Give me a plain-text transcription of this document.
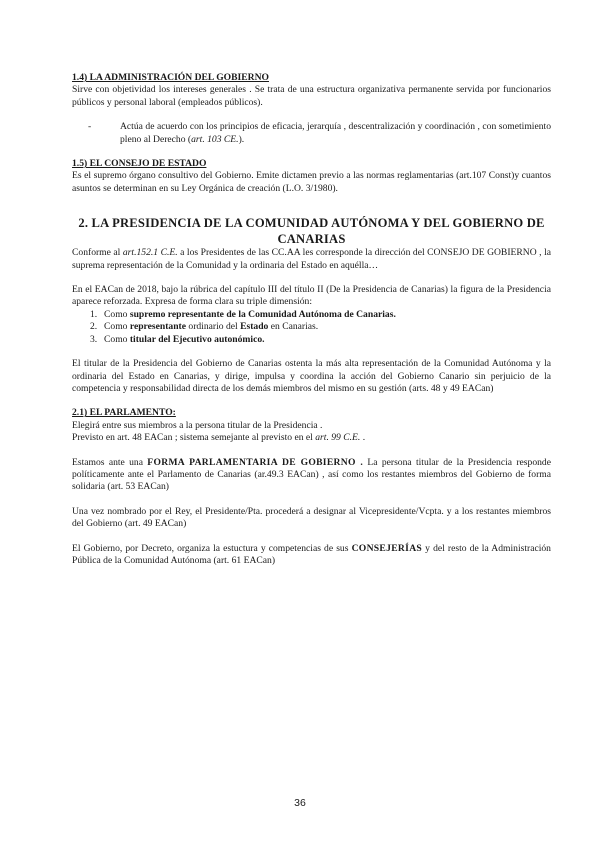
1.4) LA ADMINISTRACIÓN DEL GOBIERNO

Sirve con objetividad los intereses generales . Se trata de una estructura organizativa permanente servida por funcionarios públicos y personal laboral (empleados públicos).

-	Actúa de acuerdo con los principios de eficacia, jerarquía , descentralización y coordinación , con sometimiento pleno al Derecho (art. 103 CE.).

1.5) EL CONSEJO DE ESTADO

Es el supremo órgano consultivo del Gobierno. Emite dictamen previo a las normas reglamentarias (art.107 Const)y cuantos asuntos se determinan en su Ley Orgánica de creación (L.O. 3/1980).

2. LA PRESIDENCIA DE LA COMUNIDAD AUTÓNOMA Y DEL GOBIERNO DE
CANARIAS

Conforme al art.152.1 C.E. a los Presidentes de las CC.AA les corresponde la dirección del CONSEJO DE GOBIERNO , la suprema representación de la Comunidad y la ordinaria del Estado en aquélla…

En el EACan de 2018, bajo la rúbrica del capítulo III del título II (De la Presidencia de Canarias) la figura de la Presidencia aparece reforzada. Expresa de forma clara su triple dimensión:

1. Como supremo representante de la Comunidad Autónoma de Canarias.
2. Como representante ordinario del Estado en Canarias.
3. Como titular del Ejecutivo autonómico.

El titular de la Presidencia del Gobierno de Canarias ostenta la más alta representación de la Comunidad Autónoma y la ordinaria del Estado en Canarias, y dirige, impulsa y coordina la acción del Gobierno Canario sin perjuicio de la competencia y responsabilidad directa de los demás miembros del mismo en su gestión (arts. 48 y 49 EACan)

2.1) EL PARLAMENTO:

Elegirá entre sus miembros a la persona titular de la Presidencia .

Previsto en art. 48 EACan ; sistema semejante al previsto en el art. 99 C.E. .

Estamos ante una FORMA PARLAMENTARIA DE GOBIERNO . La persona titular de la Presidencia responde políticamente ante el Parlamento de Canarias (ar.49.3 EACan) , así como los restantes miembros del Gobierno de forma solidaria (art. 53 EACan)

Una vez nombrado por el Rey, el Presidente/Pta. procederá a designar al Vicepresidente/Vcpta. y a los restantes miembros del Gobierno (art. 49 EACan)

El Gobierno, por Decreto, organiza la estuctura y competencias de sus CONSEJERÍAS y del resto de la Administración Pública de la Comunidad Autónoma (art. 61 EACan)

36
